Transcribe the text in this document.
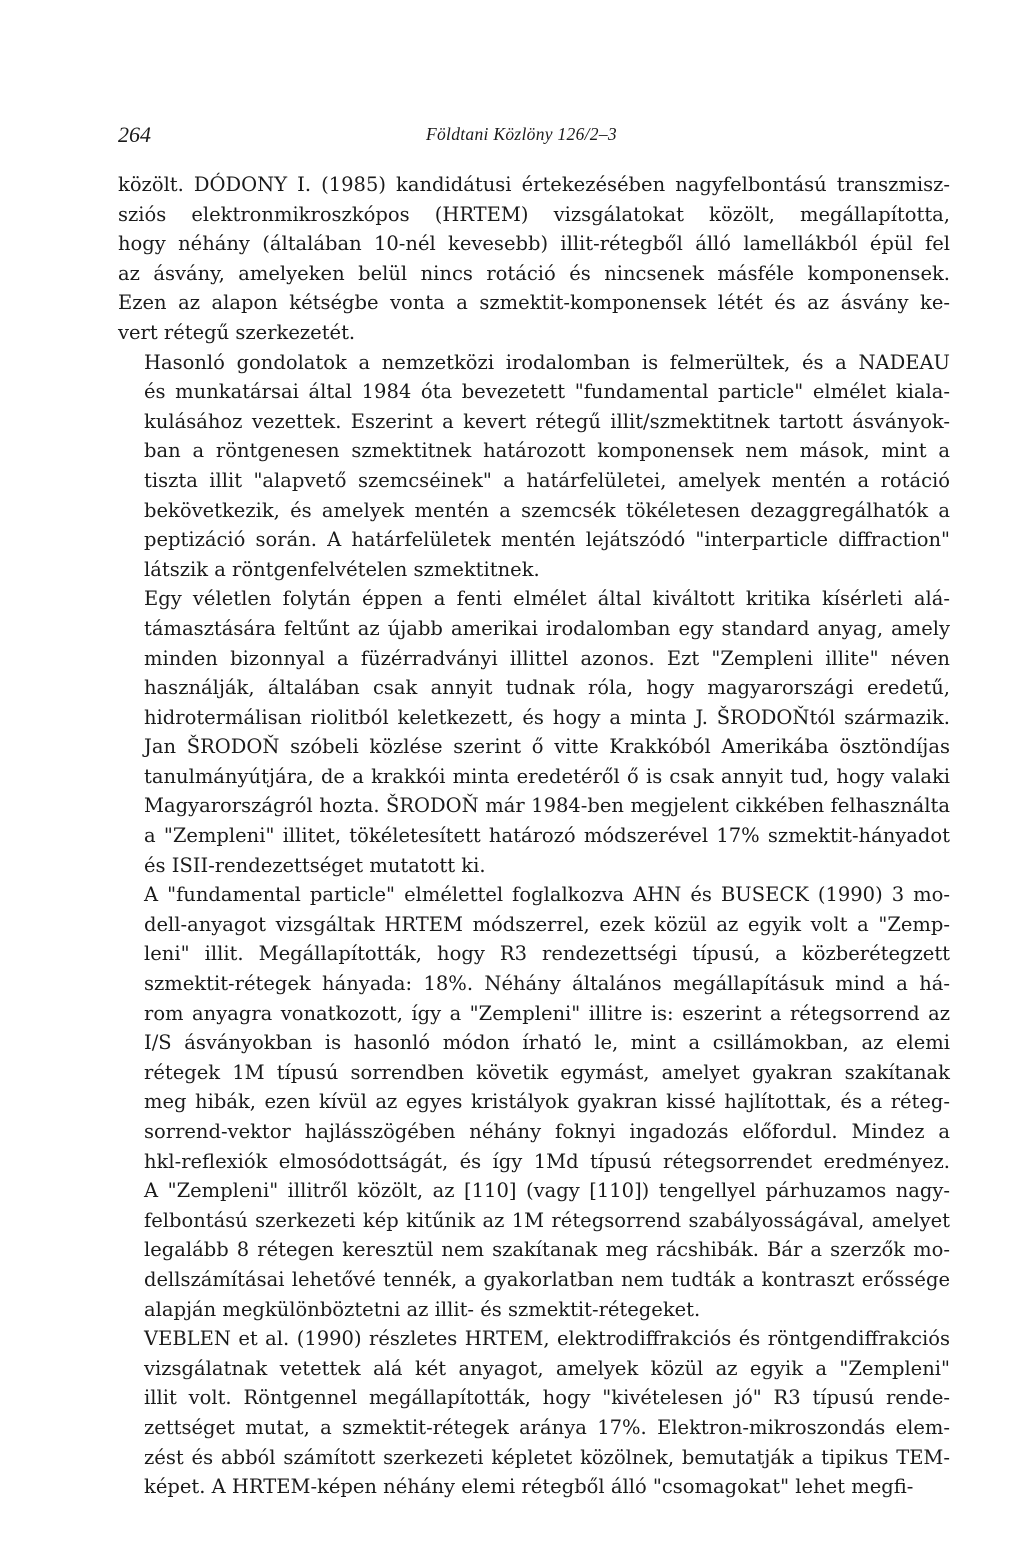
264	Földtani Közlöny 126/2–3

közölt. DÓDONY I. (1985) kandidátusi értekezésében nagyfelbontású transzmisz-
sziós elektronmikroszkópos (HRTEM) vizsgálatokat közölt, megállapította,
hogy néhány (általában 10-nél kevesebb) illit-rétegből álló lamellákból épül fel
az ásvány, amelyeken belül nincs rotáció és nincsenek másféle komponensek.
Ezen az alapon kétségbe vonta a szmektit-komponensek létét és az ásvány ke-
vert rétegű szerkezetét.

Hasonló gondolatok a nemzetközi irodalomban is felmerültek, és a NADEAU
és munkatársai által 1984 óta bevezetett "fundamental particle" elmélet kiala-
kulásához vezettek. Eszerint a kevert rétegű illit/szmektitnek tartott ásványok-
ban a röntgenesen szmektitnek határozott komponensek nem mások, mint a
tiszta illit "alapvető szemcséinek" a határfelületei, amelyek mentén a rotáció
bekövetkezik, és amelyek mentén a szemcsék tökéletesen dezaggregálhatók a
peptizáció során. A határfelületek mentén lejátszódó "interparticle diffraction"
látszik a röntgenfelvételen szmektitnek.

Egy véletlen folytán éppen a fenti elmélet által kiváltott kritika kísérleti alá-
támasztására feltűnt az újabb amerikai irodalomban egy standard anyag, amely
minden bizonnyal a füzérradványi illittel azonos. Ezt "Zempleni illite" néven
használják, általában csak annyit tudnak róla, hogy magyarországi eredetű,
hidrotermálisan riolitból keletkezett, és hogy a minta J. ŠRODOŇtól származik.
Jan ŠRODOŇ szóbeli közlése szerint ő vitte Krakkóból Amerikába ösztöndíjas
tanulmányútjára, de a krakkói minta eredetéről ő is csak annyit tud, hogy valaki
Magyarországról hozta. ŠRODOŇ már 1984-ben megjelent cikkében felhasználta
a "Zempleni" illitet, tökéletesített határozó módszerével 17% szmektit-hányadot
és ISII-rendezettséget mutatott ki.

A "fundamental particle" elmélettel foglalkozva AHN és BUSECK (1990) 3 mo-
dell-anyagot vizsgáltak HRTEM módszerrel, ezek közül az egyik volt a "Zemp-
leni" illit. Megállapították, hogy R3 rendezettségi típusú, a közberétegzett
szmektit-rétegek hányada: 18%. Néhány általános megállapításuk mind a há-
rom anyagra vonatkozott, így a "Zempleni" illitre is: eszerint a rétegsorrend az
I/S ásványokban is hasonló módon írható le, mint a csillámokban, az elemi
rétegek 1M típusú sorrendben követik egymást, amelyet gyakran szakítanak
meg hibák, ezen kívül az egyes kristályok gyakran kissé hajlítottak, és a réteg-
sorrend-vektor hajlásszögében néhány foknyi ingadozás előfordul. Mindez a
hkl-reflexiók elmosódottságát, és így 1Md típusú rétegsorrendet eredményez.
A "Zempleni" illitről közölt, az [110] (vagy [110]) tengellyel párhuzamos nagy-
felbontású szerkezeti kép kitűnik az 1M rétegsorrend szabályosságával, amelyet
legalább 8 rétegen keresztül nem szakítanak meg rácshibák. Bár a szerzők mo-
dellszámításai lehetővé tennék, a gyakorlatban nem tudták a kontraszt erőssége
alapján megkülönböztetni az illit- és szmektit-rétegeket.

VEBLEN et al. (1990) részletes HRTEM, elektrodiffrakciós és röntgendiffrakciós
vizsgálatnak vetettek alá két anyagot, amelyek közül az egyik a "Zempleni"
illit volt. Röntgennel megállapították, hogy "kivételesen jó" R3 típusú rende-
zettséget mutat, a szmektit-rétegek aránya 17%. Elektron-mikroszondás elem-
zést és abból számított szerkezeti képletet közölnek, bemutatják a tipikus TEM-
képet. A HRTEM-képen néhány elemi rétegből álló "csomagokat" lehet megfi-
